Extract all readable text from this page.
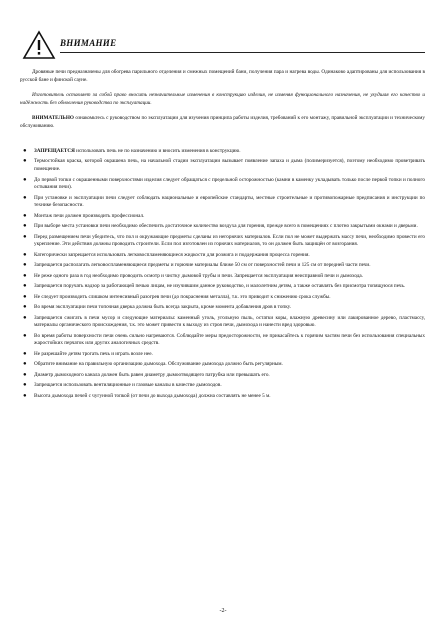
ВНИМАНИЕ

Дровяные печи предназначены для обогрева парильного отделения и смежных помещений бани, получения пара и нагрева воды. Одинаково адаптированы для использования в русской бане и финской сауне.

Изготовитель оставляет за собой право вносить незначительные изменения в конструкцию изделия, не изменяя функционального назначения, не ухудшая его качество и надёжность без обновления руководства по эксплуатации.

ВНИМАТЕЛЬНО ознакомьтесь с руководством по эксплуатации для изучения принципа работы изделия, требований к его монтажу, правильной эксплуатации и техническому обслуживанию.

● ЗАПРЕЩАЕТСЯ использовать печь не по назначению и вносить изменения в конструкцию.
● Термостойкая краска, которой окрашена печь, на начальной стадии эксплуатации вызывает появление запаха и дыма (полимеризуется), поэтому необходимо проветривать помещение.
● До первой топки с окрашенными поверхностями изделия следует обращаться с предельной осторожностью (камни в каменку укладывать только после первой топки и полного остывания печи).
● При установке и эксплуатации печи следует соблюдать национальные и европейские стандарты, местные строительные и противопожарные предписания и инструкции по технике безопасности.
● Монтаж печи должен производить профессионал.
● При выборе места установки печи необходимо обеспечить достаточное количество воздуха для горения, прежде всего в помещениях с плотно закрытыми окнами и дверьми.
● Перед размещением печи убедитесь, что пол и окружающие предметы сделаны из негорючих материалов. Если пол не может выдержать массу печи, необходимо провести его укрепление. Эти действия должны проводить строители. Если пол изготовлен из горючих материалов, то он должен быть защищён от возгорания.
● Категорически запрещается использовать легковоспламеняющиеся жидкости для розжига и поддержания процесса горения.
● Запрещается располагать легковоспламеняющиеся предметы и горючие материалы ближе 50 см от поверхностей печи и 125 см от передней части печи.
● Не реже одного раза в год необходимо проводить осмотр и чистку дымовой трубы и печи. Запрещается эксплуатация неисправной печи и дымохода.
● Запрещается поручать надзор за работающей печью лицам, не изучившим данное руководство, и малолетним детям, а также оставлять без присмотра топящуюся печь.
● Не следует производить слишком интенсивный разогрев печи (до покраснения металла), т.к. это приводит к снижению срока службы.
● Во время эксплуатации печи топочная дверка должна быть всегда закрыта, кроме момента добавления дров в топку.
● Запрещается сжигать в печи мусор и следующие материалы: каменный уголь, угольную пыль, остатки коры, влажную древесину или лакированное дерево, пластмассу, материалы органического происхождения, т.к. это может привести к выходу из строя печи, дымохода и нанести вред здоровью.
● Во время работы поверхности печи очень сильно нагреваются. Соблюдайте меры предосторожности, не прикасайтесь к горячим частям печи без использования специальных жаростойких перчаток или других аналогичных средств.
● Не разрешайте детям трогать печь и играть возле нее.
● Обратите внимание на правильную организацию дымохода. Обслуживание дымохода должно быть регулярным.
● Диаметр дымоходного канала должен быть равен диаметру дымоотводящего патрубка или превышать его.
● Запрещается использовать вентиляционные и газовые каналы в качестве дымоходов.
● Высота дымохода печей с чугунной топкой (от печи до выхода дымохода) должна составлять не менее 5 м.
-2-
